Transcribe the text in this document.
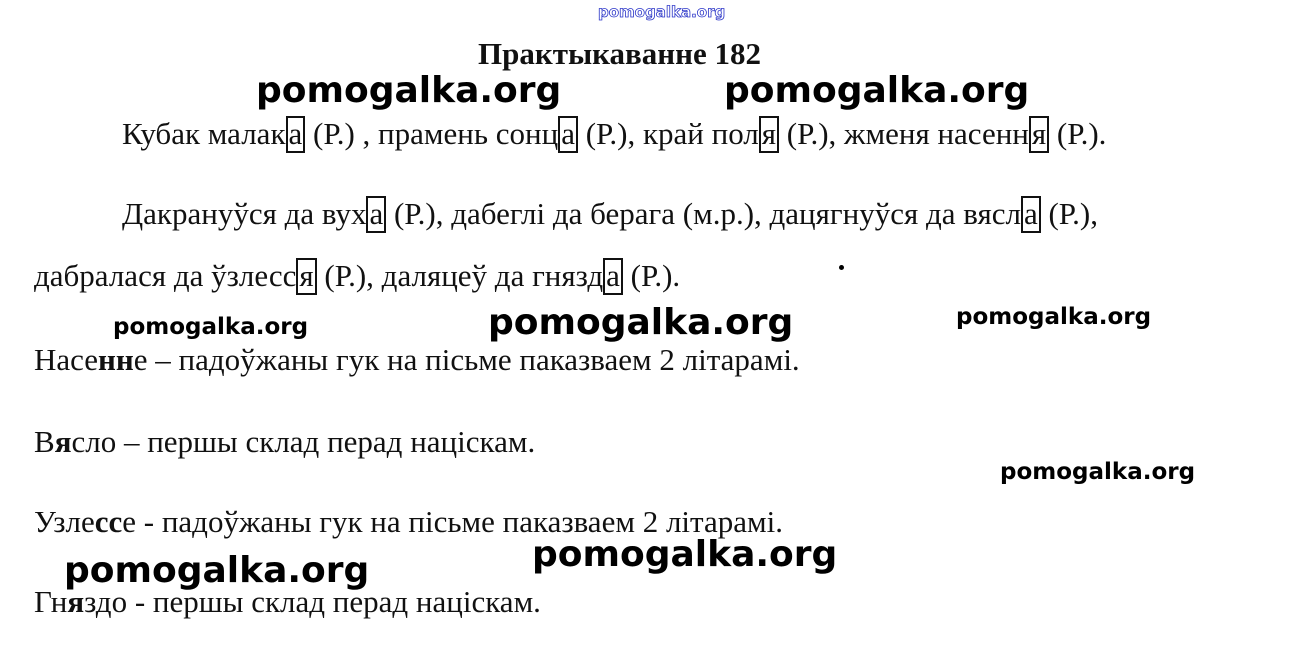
pomogalka.org
Практыкаванне 182
Кубак малака (Р.) , прамень сонца (Р.), край поля (Р.), жменя насення (Р.).
Дакрануўся да вуха (Р.), дабеглі да берага (м.р.), дацягнуўся да вясла (Р.),
дабралася да ўзлесся (Р.), даляцеў да гнязда (Р.).
Насенне – падоўжаны гук на пісьме паказваем 2 літарамі.
Вясло – першы склад перад націскам.
Узлессе - падоўжаны гук на пісьме паказваем 2 літарамі.
Гняздо - першы склад перад націскам.
pomogalka.org	pomogalka.org
pomogalka.org	pomogalka.org	pomogalka.org
pomogalka.org
pomogalka.org
pomogalka.org
